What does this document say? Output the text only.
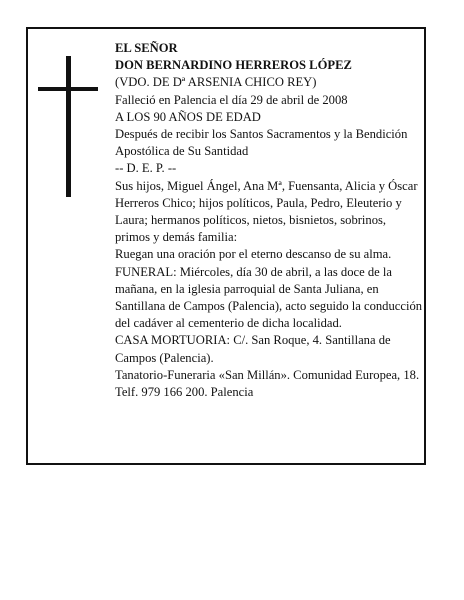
EL SEÑOR

DON BERNARDINO HERREROS LÓPEZ

(VDO. DE Dª ARSENIA CHICO REY)

Falleció en Palencia el día 29 de abril de 2008

A LOS 90 AÑOS DE EDAD

Después de recibir los Santos Sacramentos y la Bendición Apostólica de Su Santidad

-- D. E. P. --

Sus hijos, Miguel Ángel, Ana Mª, Fuensanta, Alicia y Óscar Herreros Chico; hijos políticos, Paula, Pedro, Eleuterio y Laura; hermanos políticos, nietos, bisnietos, sobrinos, primos y demás familia:

Ruegan una oración por el eterno descanso de su alma.

FUNERAL: Miércoles, día 30 de abril, a las doce de la mañana, en la iglesia parroquial de Santa Juliana, en Santillana de Campos (Palencia), acto seguido la conducción del cadáver al cementerio de dicha localidad.

CASA MORTUORIA: C/. San Roque, 4. Santillana de Campos (Palencia).

Tanatorio-Funeraria «San Millán». Comunidad Europea, 18. Telf. 979 166 200. Palencia
